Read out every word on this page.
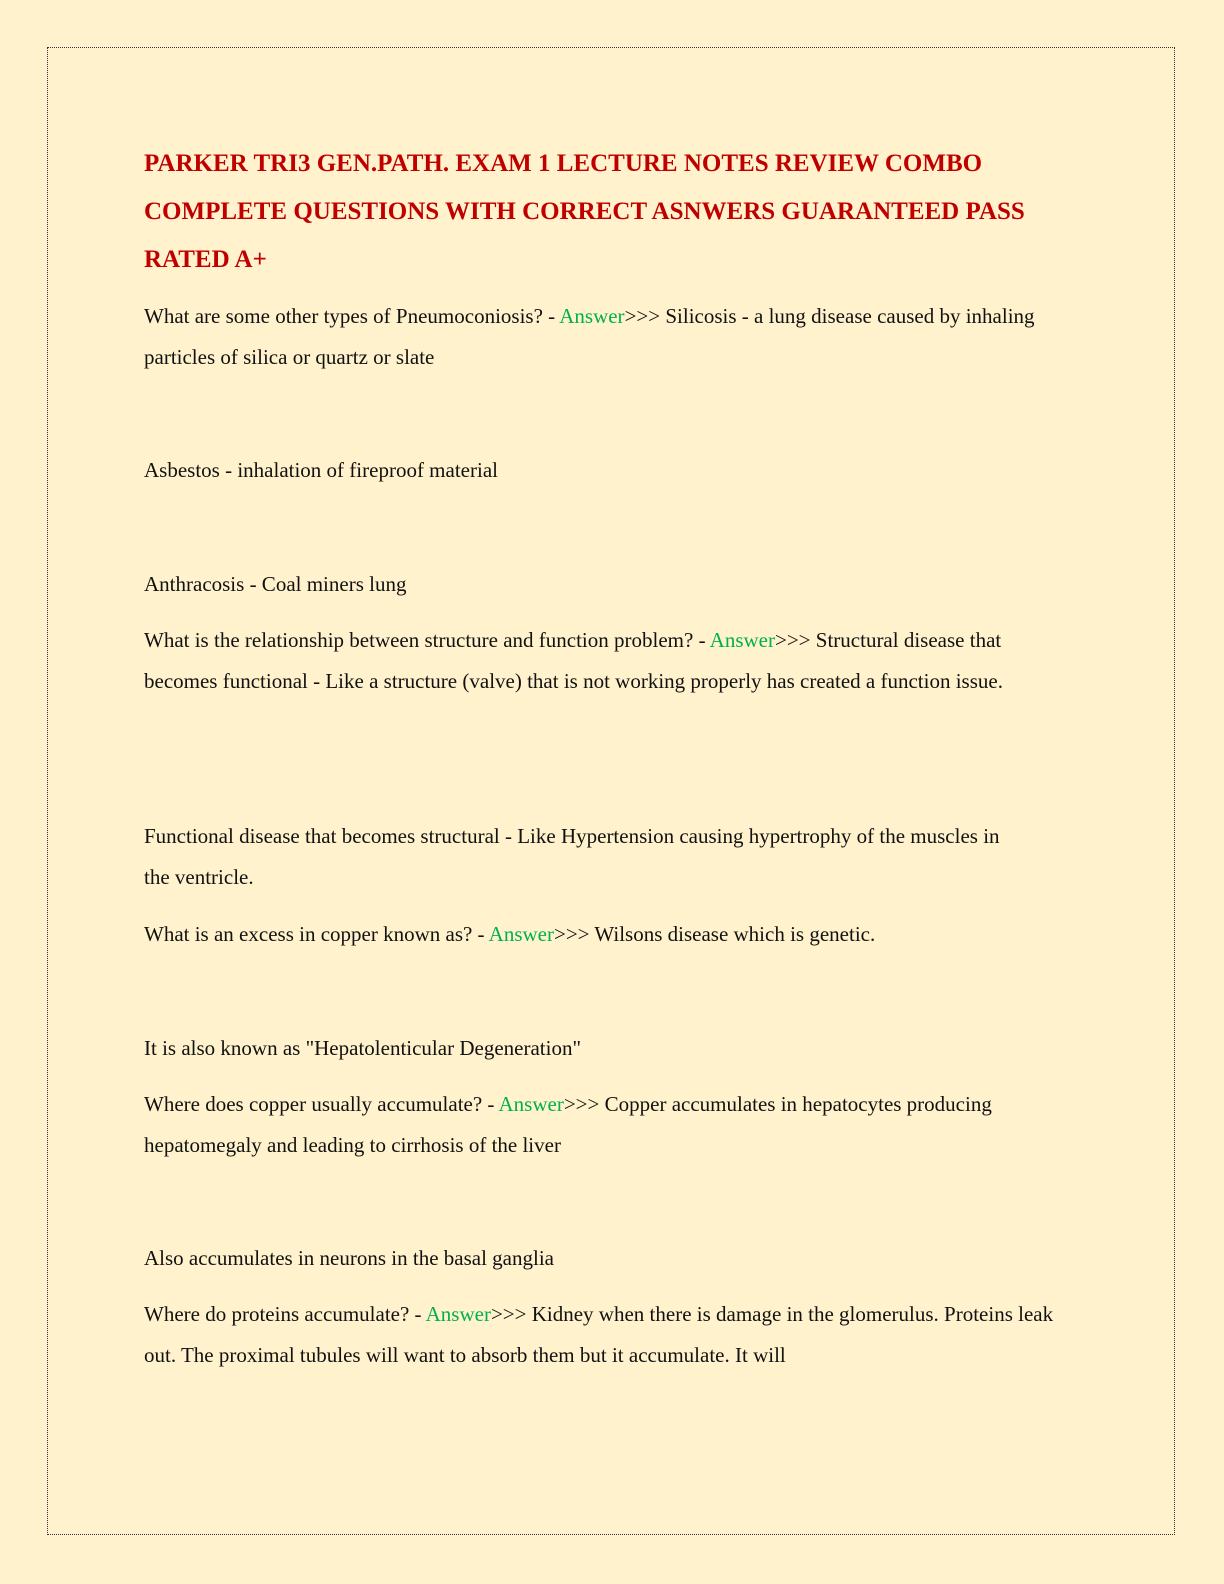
PARKER TRI3 GEN.PATH. EXAM 1 LECTURE NOTES REVIEW COMBO COMPLETE QUESTIONS WITH CORRECT ASNWERS GUARANTEED PASS RATED A+

What are some other types of Pneumoconiosis? - Answer>>> Silicosis - a lung disease caused by inhaling particles of silica or quartz or slate

Asbestos - inhalation of fireproof material

Anthracosis - Coal miners lung

What is the relationship between structure and function problem? - Answer>>> Structural disease that becomes functional - Like a structure (valve) that is not working properly has created a function issue.

Functional disease that becomes structural - Like Hypertension causing hypertrophy of the muscles in the ventricle.

What is an excess in copper known as? - Answer>>> Wilsons disease which is genetic.

It is also known as "Hepatolenticular Degeneration"

Where does copper usually accumulate? - Answer>>> Copper accumulates in hepatocytes producing hepatomegaly and leading to cirrhosis of the liver

Also accumulates in neurons in the basal ganglia

Where do proteins accumulate? - Answer>>> Kidney when there is damage in the glomerulus. Proteins leak out. The proximal tubules will want to absorb them but it accumulate. It will
